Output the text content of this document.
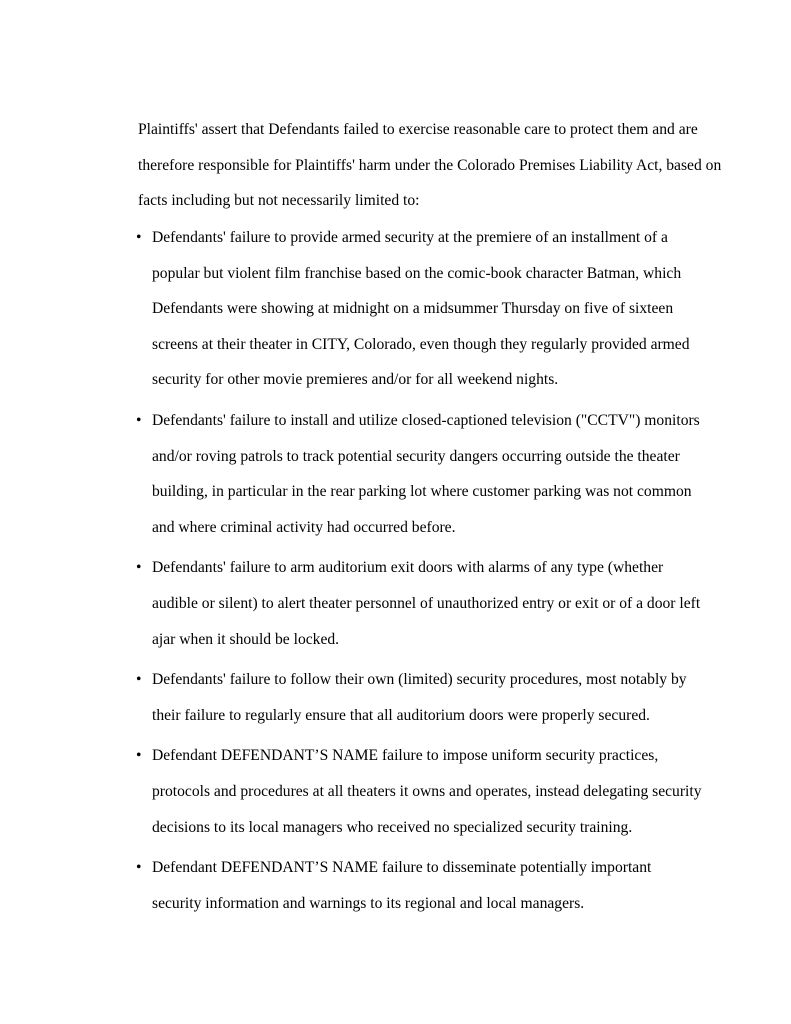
Plaintiffs' assert that Defendants failed to exercise reasonable care to protect them and are
therefore responsible for Plaintiffs' harm under the Colorado Premises Liability Act, based on
facts including but not necessarily limited to:

• Defendants' failure to provide armed security at the premiere of an installment of a
popular but violent film franchise based on the comic-book character Batman, which
Defendants were showing at midnight on a midsummer Thursday on five of sixteen
screens at their theater in CITY, Colorado, even though they regularly provided armed
security for other movie premieres and/or for all weekend nights.
• Defendants' failure to install and utilize closed-captioned television ("CCTV") monitors
and/or roving patrols to track potential security dangers occurring outside the theater
building, in particular in the rear parking lot where customer parking was not common
and where criminal activity had occurred before.
• Defendants' failure to arm auditorium exit doors with alarms of any type (whether
audible or silent) to alert theater personnel of unauthorized entry or exit or of a door left
ajar when it should be locked.
• Defendants' failure to follow their own (limited) security procedures, most notably by
their failure to regularly ensure that all auditorium doors were properly secured.
• Defendant DEFENDANT’S NAME failure to impose uniform security practices,
protocols and procedures at all theaters it owns and operates, instead delegating security
decisions to its local managers who received no specialized security training.
• Defendant DEFENDANT’S NAME failure to disseminate potentially important
security information and warnings to its regional and local managers.
